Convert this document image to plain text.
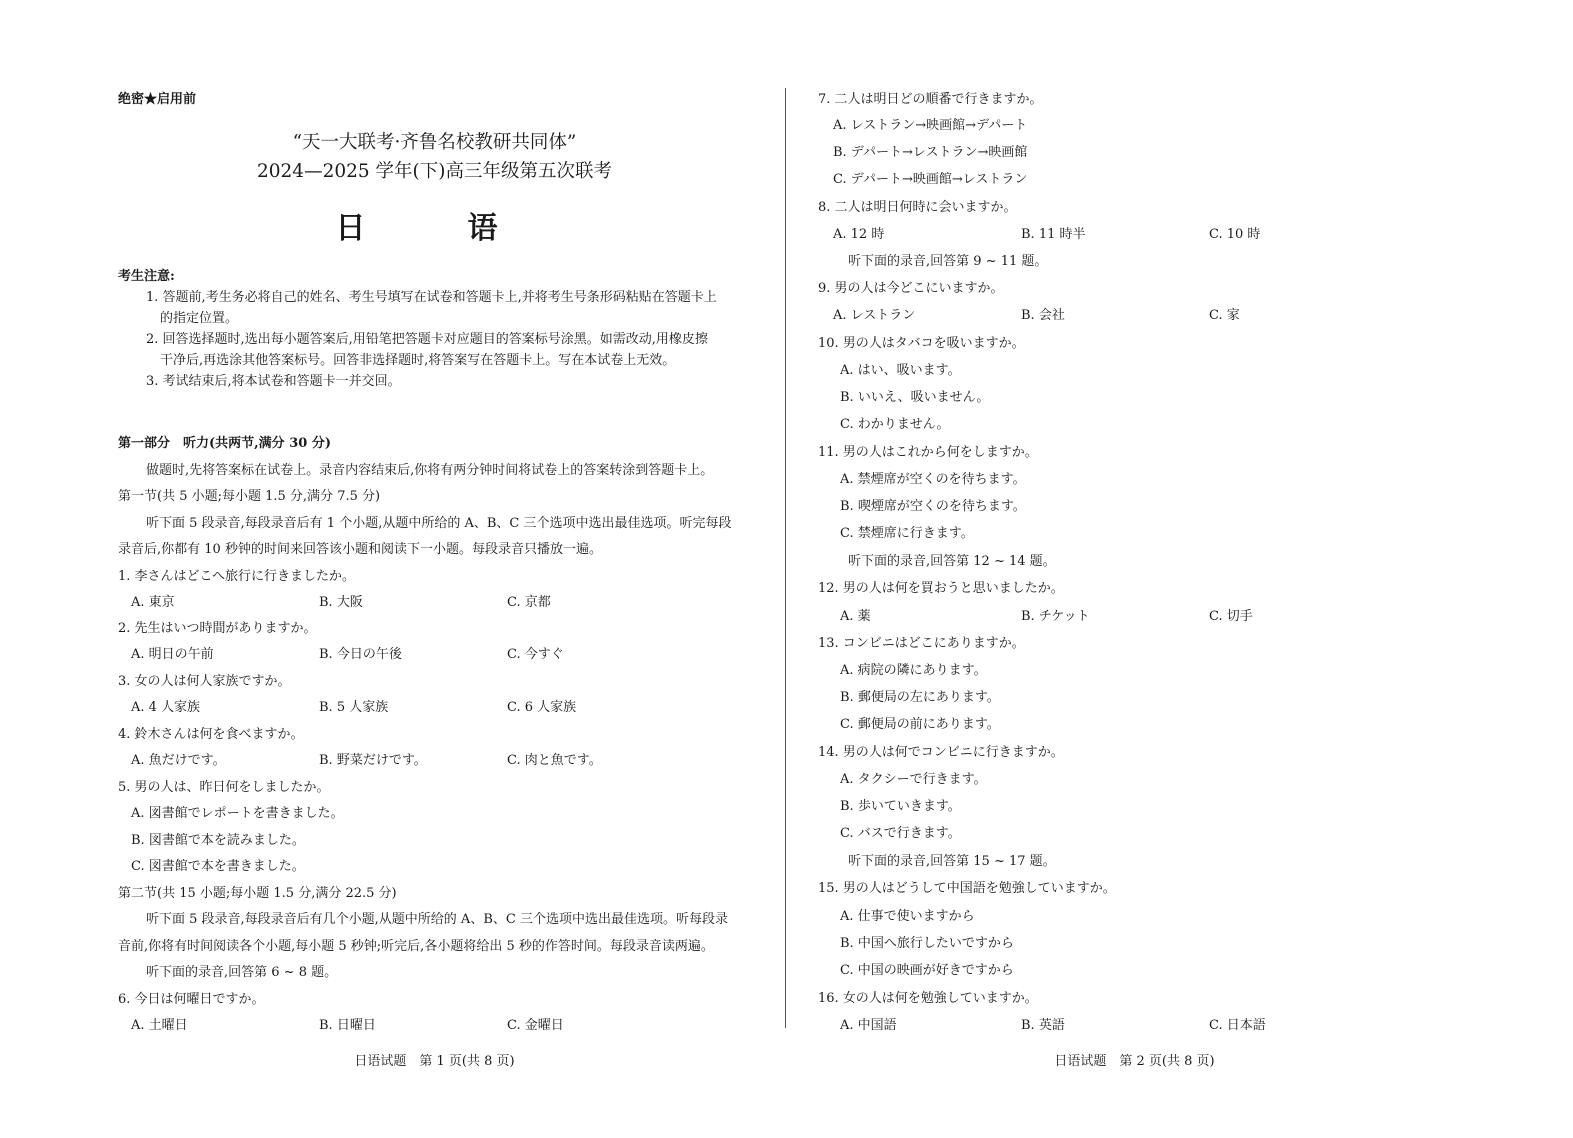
绝密★启用前
“天一大联考·齐鲁名校教研共同体”
2024—2025 学年(下)高三年级第五次联考
日　语
考生注意:
1. 答题前,考生务必将自己的姓名、考生号填写在试卷和答题卡上,并将考生号条形码粘贴在答题卡上
的指定位置。
2. 回答选择题时,选出每小题答案后,用铅笔把答题卡对应题目的答案标号涂黑。如需改动,用橡皮擦
干净后,再选涂其他答案标号。回答非选择题时,将答案写在答题卡上。写在本试卷上无效。
3. 考试结束后,将本试卷和答题卡一并交回。
第一部分　听力(共两节,满分 30 分)
做题时,先将答案标在试卷上。录音内容结束后,你将有两分钟时间将试卷上的答案转涂到答题卡上。
第一节(共 5 小题;每小题 1.5 分,满分 7.5 分)
听下面 5 段录音,每段录音后有 1 个小题,从题中所给的 A、B、C 三个选项中选出最佳选项。听完每段
录音后,你都有 10 秒钟的时间来回答该小题和阅读下一小题。每段录音只播放一遍。
1. 李さんはどこへ旅行に行きましたか。
A. 東京	B. 大阪	C. 京都
2. 先生はいつ時間がありますか。
A. 明日の午前	B. 今日の午後	C. 今すぐ
3. 女の人は何人家族ですか。
A. 4 人家族	B. 5 人家族	C. 6 人家族
4. 鈴木さんは何を食べますか。
A. 魚だけです。	B. 野菜だけです。	C. 肉と魚です。
5. 男の人は、昨日何をしましたか。
A. 図書館でレポートを書きました。
B. 図書館で本を読みました。
C. 図書館で本を書きました。
第二节(共 15 小题;每小题 1.5 分,满分 22.5 分)
听下面 5 段录音,每段录音后有几个小题,从题中所给的 A、B、C 三个选项中选出最佳选项。听每段录
音前,你将有时间阅读各个小题,每小题 5 秒钟;听完后,各小题将给出 5 秒的作答时间。每段录音读两遍。
听下面的录音,回答第 6 ~ 8 题。
6. 今日は何曜日ですか。
A. 土曜日	B. 日曜日	C. 金曜日
日语试题　第 1 页(共 8 页)
7. 二人は明日どの順番で行きますか。
A. レストラン→映画館→デパート
B. デパート→レストラン→映画館
C. デパート→映画館→レストラン
8. 二人は明日何時に会いますか。
A. 12 時	B. 11 時半	C. 10 時
听下面的录音,回答第 9 ~ 11 题。
9. 男の人は今どこにいますか。
A. レストラン	B. 会社	C. 家
10. 男の人はタバコを吸いますか。
A. はい、吸います。
B. いいえ、吸いません。
C. わかりません。
11. 男の人はこれから何をしますか。
A. 禁煙席が空くのを待ちます。
B. 喫煙席が空くのを待ちます。
C. 禁煙席に行きます。
听下面的录音,回答第 12 ~ 14 题。
12. 男の人は何を買おうと思いましたか。
A. 薬	B. チケット	C. 切手
13. コンビニはどこにありますか。
A. 病院の隣にあります。
B. 郵便局の左にあります。
C. 郵便局の前にあります。
14. 男の人は何でコンビニに行きますか。
A. タクシーで行きます。
B. 歩いていきます。
C. バスで行きます。
听下面的录音,回答第 15 ~ 17 题。
15. 男の人はどうして中国語を勉強していますか。
A. 仕事で使いますから
B. 中国へ旅行したいですから
C. 中国の映画が好きですから
16. 女の人は何を勉強していますか。
A. 中国語	B. 英語	C. 日本語
日语试题　第 2 页(共 8 页)
